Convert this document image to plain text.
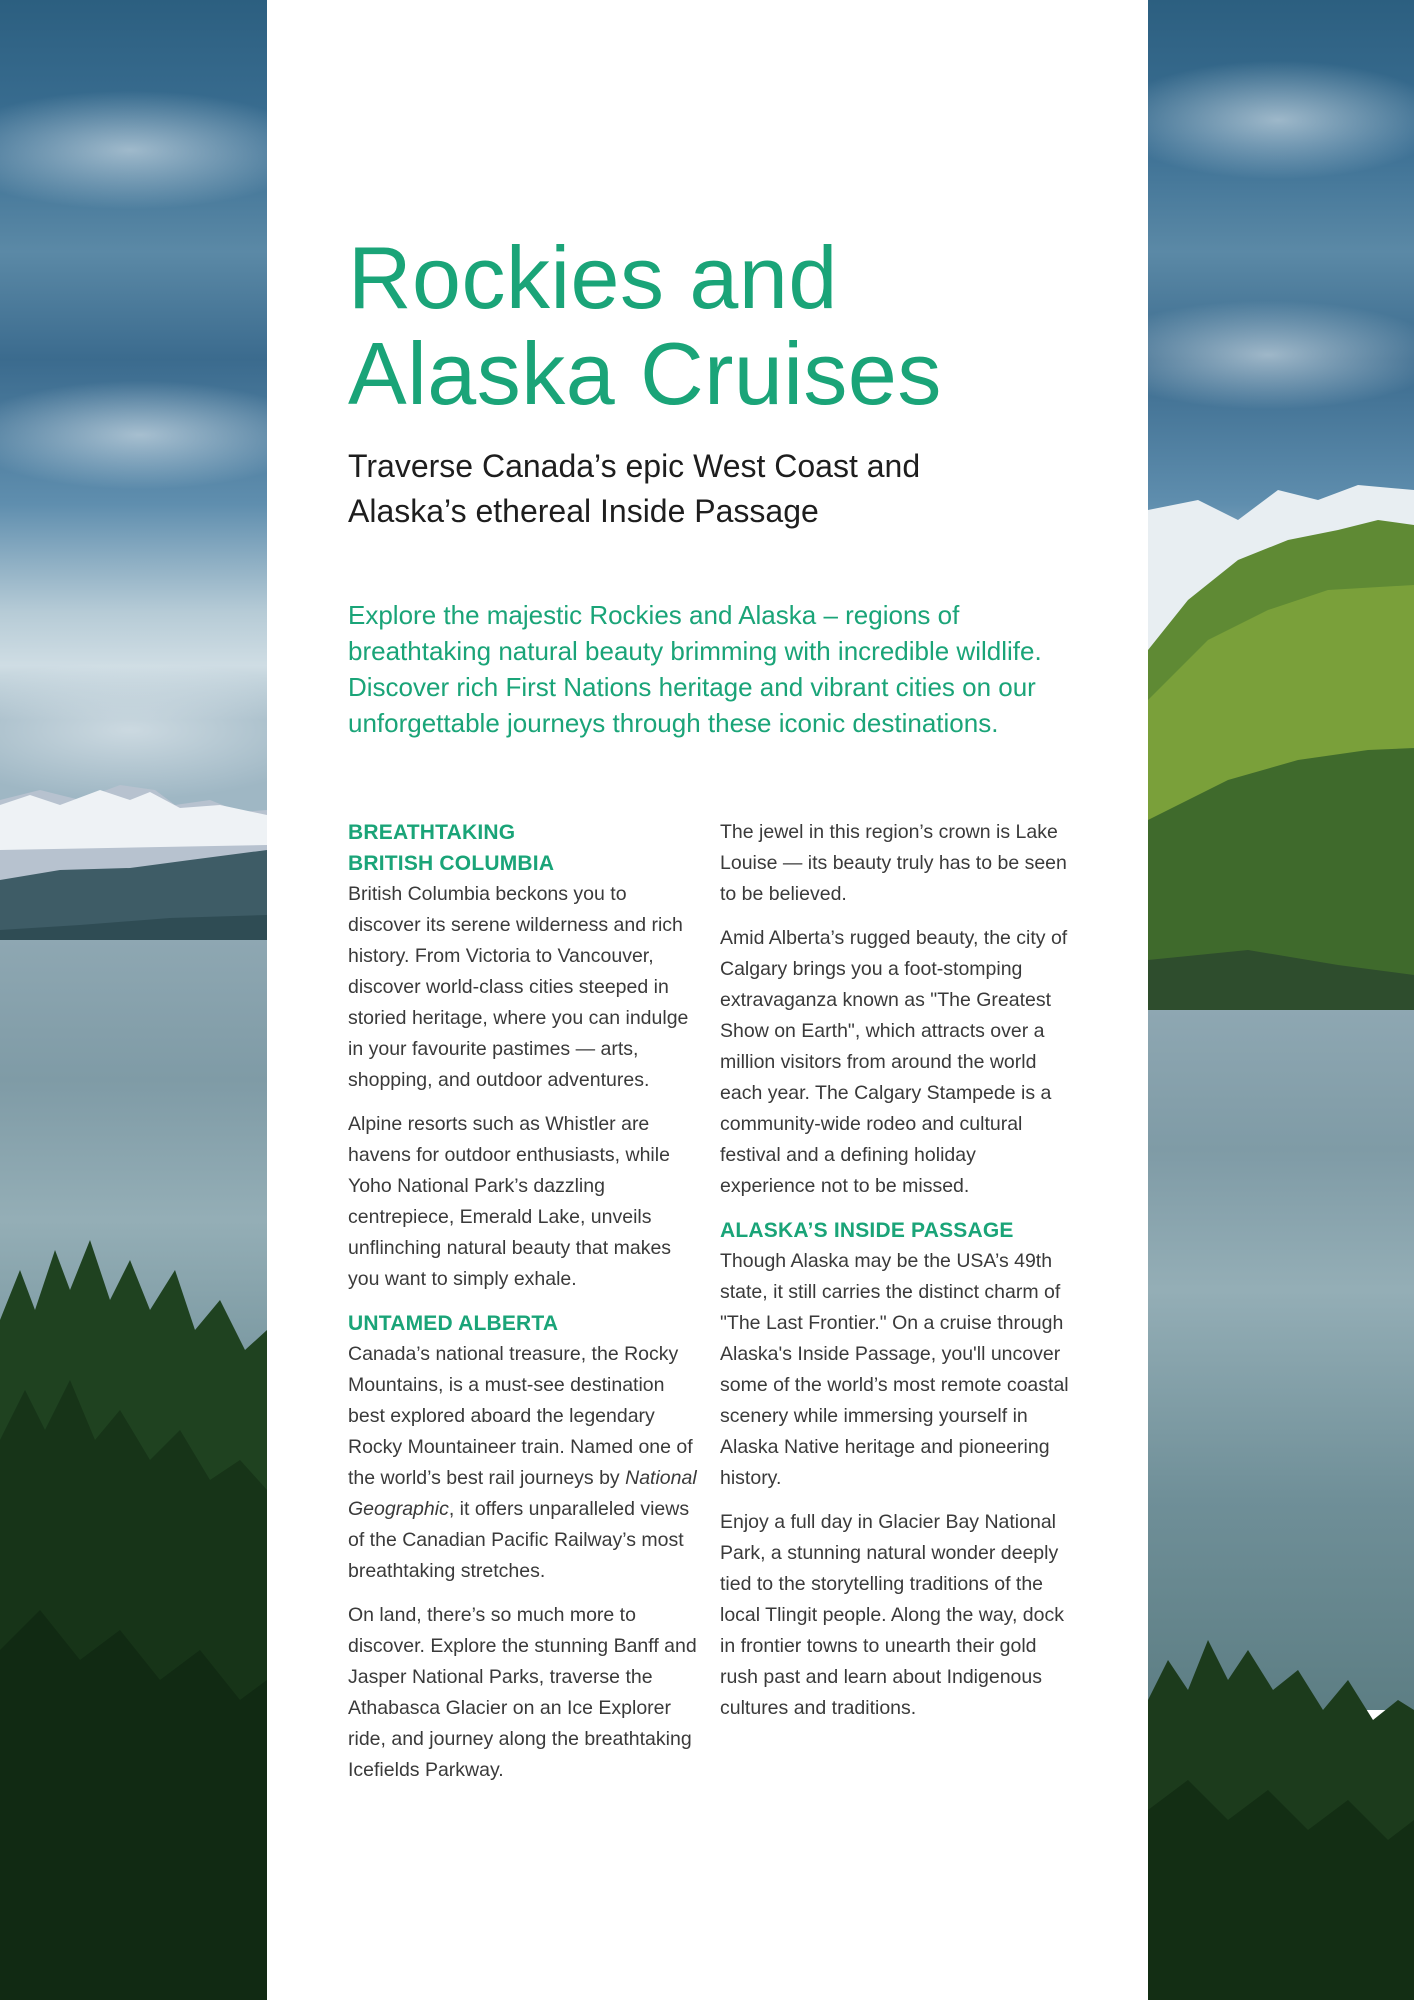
Rockies and
Alaska Cruises

Traverse Canada’s epic West Coast and
Alaska’s ethereal Inside Passage

Explore the majestic Rockies and Alaska – regions of breathtaking natural beauty brimming with incredible wildlife. Discover rich First Nations heritage and vibrant cities on our unforgettable journeys through these iconic destinations.

BREATHTAKING
BRITISH COLUMBIA

British Columbia beckons you to discover its serene wilderness and rich history. From Victoria to Vancouver, discover world-class cities steeped in storied heritage, where you can indulge in your favourite pastimes — arts, shopping, and outdoor adventures.

Alpine resorts such as Whistler are havens for outdoor enthusiasts, while Yoho National Park’s dazzling centrepiece, Emerald Lake, unveils unflinching natural beauty that makes you want to simply exhale.

UNTAMED ALBERTA

Canada’s national treasure, the Rocky Mountains, is a must-see destination best explored aboard the legendary Rocky Mountaineer train. Named one of the world’s best rail journeys by National Geographic, it offers unparalleled views of the Canadian Pacific Railway’s most breathtaking stretches.

On land, there’s so much more to discover. Explore the stunning Banff and Jasper National Parks, traverse the Athabasca Glacier on an Ice Explorer ride, and journey along the breathtaking Icefields Parkway.

The jewel in this region’s crown is Lake Louise — its beauty truly has to be seen to be believed.

Amid Alberta’s rugged beauty, the city of Calgary brings you a foot-stomping extravaganza known as "The Greatest Show on Earth", which attracts over a million visitors from around the world each year. The Calgary Stampede is a community-wide rodeo and cultural festival and a defining holiday experience not to be missed.

ALASKA’S INSIDE PASSAGE

Though Alaska may be the USA’s 49th state, it still carries the distinct charm of "The Last Frontier." On a cruise through Alaska's Inside Passage, you'll uncover some of the world’s most remote coastal scenery while immersing yourself in Alaska Native heritage and pioneering history.

Enjoy a full day in Glacier Bay National Park, a stunning natural wonder deeply tied to the storytelling traditions of the local Tlingit people. Along the way, dock in frontier towns to unearth their gold rush past and learn about Indigenous cultures and traditions.
